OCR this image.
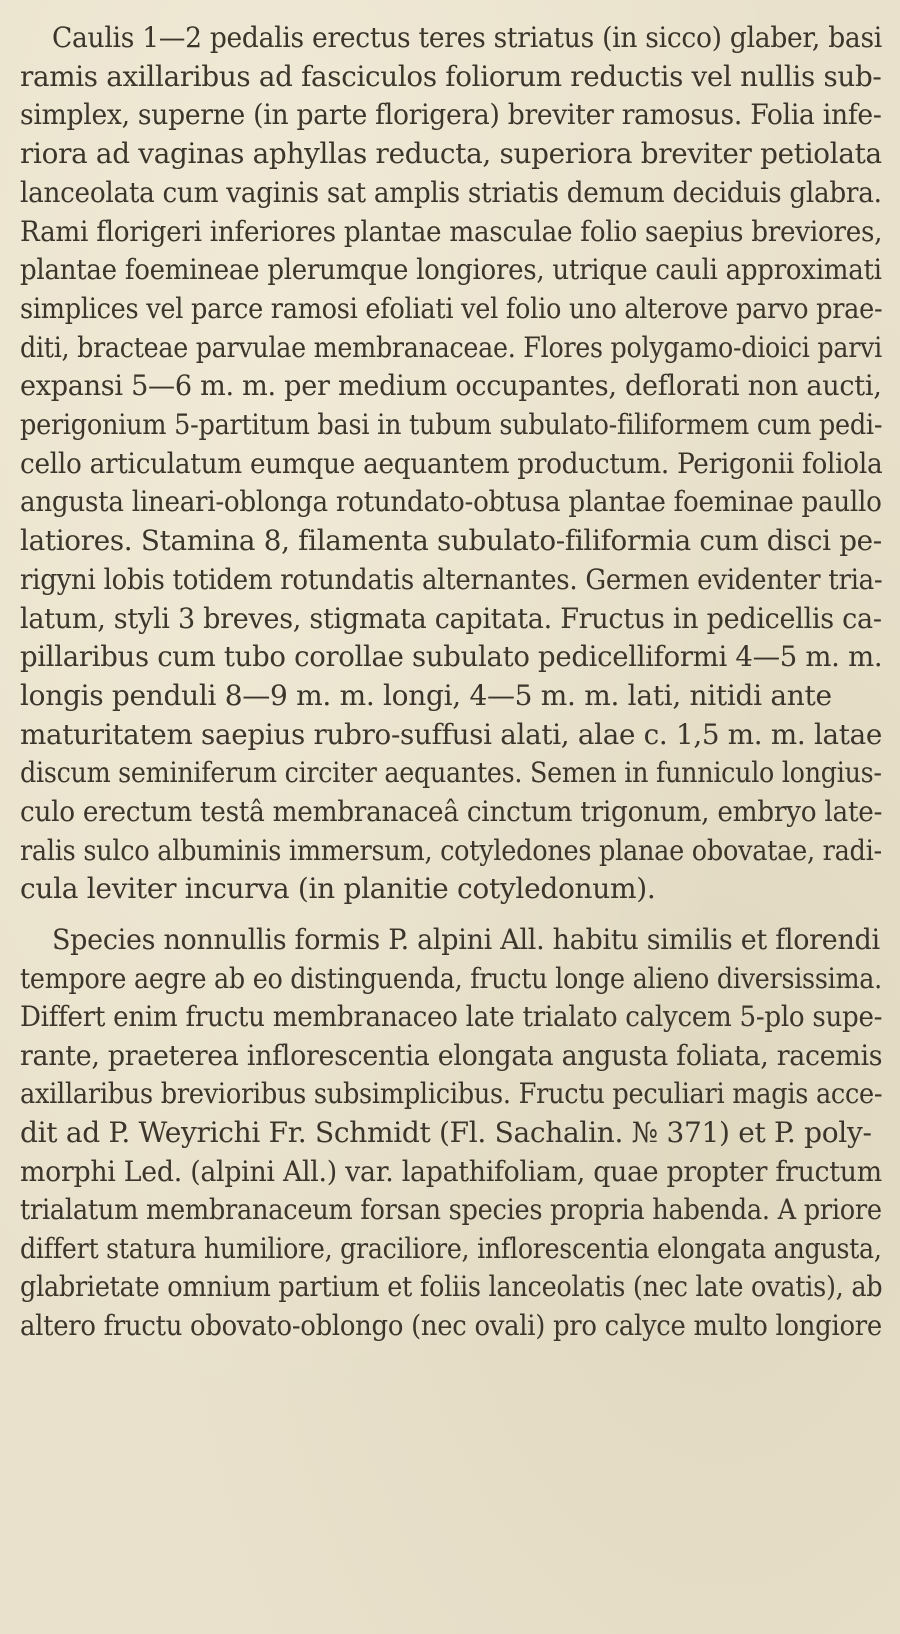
Caulis 1—2 pedalis erectus teres striatus (in sicco) glaber, basi
ramis axillaribus ad fasciculos foliorum reductis vel nullis sub-
simplex, superne (in parte florigera) breviter ramosus. Folia infe-
riora ad vaginas aphyllas reducta, superiora breviter petiolata
lanceolata cum vaginis sat amplis striatis demum deciduis glabra.
Rami florigeri inferiores plantae masculae folio saepius breviores,
plantae foemineae plerumque longiores, utrique cauli approximati
simplices vel parce ramosi efoliati vel folio uno alterove parvo prae-
diti, bracteae parvulae membranaceae. Flores polygamo-dioici parvi
expansi 5—6 m. m. per medium occupantes, deflorati non aucti,
perigonium 5-partitum basi in tubum subulato-filiformem cum pedi-
cello articulatum eumque aequantem productum. Perigonii foliola
angusta lineari-oblonga rotundato-obtusa plantae foeminae paullo
latiores. Stamina 8, filamenta subulato-filiformia cum disci pe-
rigyni lobis totidem rotundatis alternantes. Germen evidenter tria-
latum, styli 3 breves, stigmata capitata. Fructus in pedicellis ca-
pillaribus cum tubo corollae subulato pedicelliformi 4—5 m. m.
longis penduli 8—9 m. m. longi, 4—5 m. m. lati, nitidi ante
maturitatem saepius rubro-suffusi alati, alae c. 1,5 m. m. latae
discum seminiferum circiter aequantes. Semen in funniculo longius-
culo erectum testâ membranaceâ cinctum trigonum, embryo late-
ralis sulco albuminis immersum, cotyledones planae obovatae, radi-
cula leviter incurva (in planitie cotyledonum).
Species nonnullis formis P. alpini All. habitu similis et florendi
tempore aegre ab eo distinguenda, fructu longe alieno diversissima.
Differt enim fructu membranaceo late trialato calycem 5-plo supe-
rante, praeterea inflorescentia elongata angusta foliata, racemis
axillaribus brevioribus subsimplicibus. Fructu peculiari magis acce-
dit ad P. Weyrichi Fr. Schmidt (Fl. Sachalin. № 371) et P. poly-
morphi Led. (alpini All.) var. lapathifoliam, quae propter fructum
trialatum membranaceum forsan species propria habenda. A priore
differt statura humiliore, graciliore, inflorescentia elongata angusta,
glabrietate omnium partium et foliis lanceolatis (nec late ovatis), ab
altero fructu obovato-oblongo (nec ovali) pro calyce multo longiore
